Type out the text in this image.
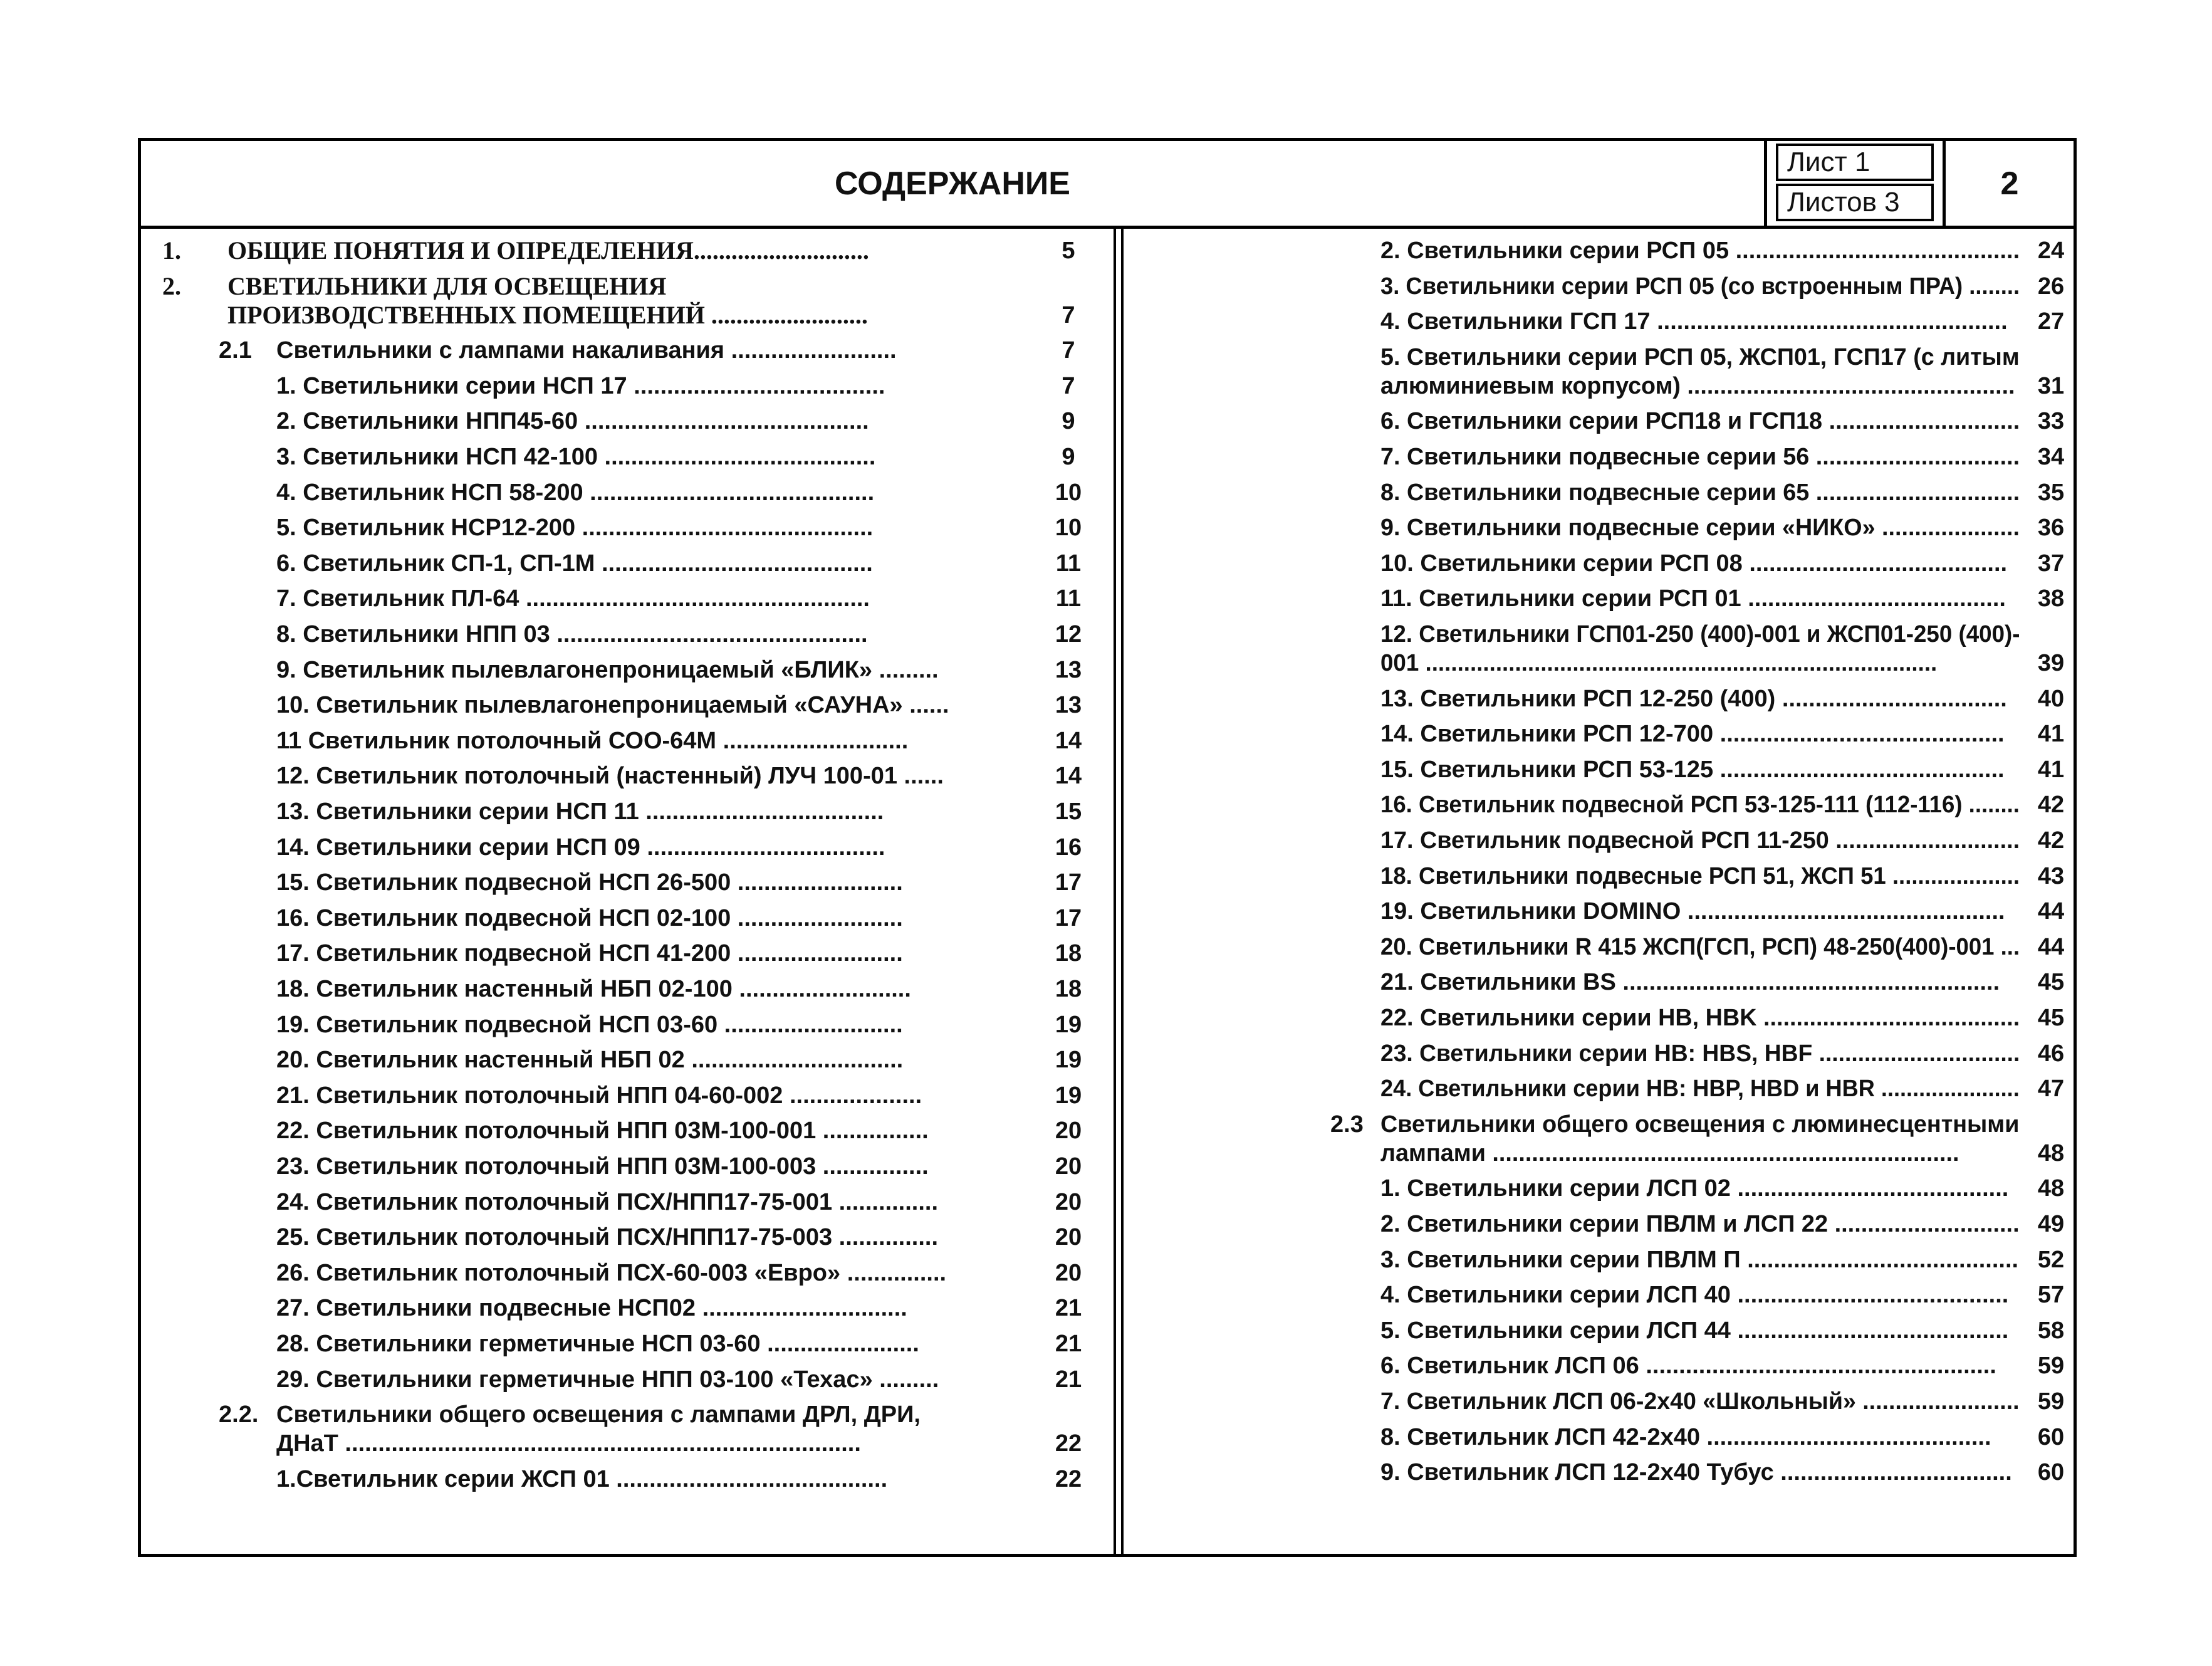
СОДЕРЖАНИЕ
Лист 1
Листов 3
2
1. ОБЩИЕ ПОНЯТИЯ И ОПРЕДЕЛЕНИЯ............................	5
2. СВЕТИЛЬНИКИ ДЛЯ ОСВЕЩЕНИЯ
ПРОИЗВОДСТВЕННЫХ ПОМЕЩЕНИЙ .........................	7
2.1 Светильники с лампами накаливания .........................	7
1. Светильники серии НСП 17 ......................................	7
2. Светильники НПП45-60 ...........................................	9
3. Светильники НСП 42-100 .........................................	9
4. Светильник НСП 58-200 ...........................................	10
5. Светильник НСР12-200 ............................................	10
6. Светильник СП-1, СП-1М .........................................	11
7. Светильник ПЛ-64 ....................................................	11
8. Светильники НПП 03 ...............................................	12
9. Светильник пылевлагонепроницаемый «БЛИК» .........	13
10. Светильник пылевлагонепроницаемый «САУНА» ......	13
11 Светильник потолочный СОО-64М ............................	14
12. Светильник потолочный (настенный) ЛУЧ 100-01 ......	14
13. Светильники серии НСП 11 ....................................	15
14. Светильники серии НСП 09 ....................................	16
15. Светильник подвесной НСП 26-500 .........................	17
16. Светильник подвесной НСП 02-100 .........................	17
17. Светильник подвесной НСП 41-200 .........................	18
18. Светильник настенный НБП 02-100 ..........................	18
19. Светильник подвесной НСП 03-60 ...........................	19
20. Светильник настенный НБП 02 ................................	19
21. Светильник потолочный НПП 04-60-002 ....................	19
22. Светильник потолочный НПП 03М-100-001 ................	20
23. Светильник потолочный НПП 03М-100-003 ................	20
24. Светильник потолочный ПСХ/НПП17-75-001 ...............	20
25. Светильник потолочный ПСХ/НПП17-75-003 ...............	20
26. Светильник потолочный ПСХ-60-003 «Евро» ...............	20
27. Светильники подвесные НСП02 ...............................	21
28. Светильники герметичные НСП 03-60 .......................	21
29. Светильники герметичные НПП 03-100 «Техас» .........	21
2.2. Светильники общего освещения с лампами ДРЛ, ДРИ,
ДНаТ ..............................................................................	22
1.Светильник серии ЖСП 01 .........................................	22
2. Светильники серии РСП 05 ........................................... 24
3. Светильники серии РСП 05 (со встроенным ПРА) ........ 26
4. Светильники ГСП 17 .....................................................	27
5. Светильники серии РСП 05, ЖСП01, ГСП17 (с литым
алюминиевым корпусом) .................................................. 31
6. Светильники серии РСП18 и ГСП18 ............................. 33
7. Светильники подвесные серии 56 ............................... 34
8. Светильники подвесные серии 65 ............................... 35
9. Светильники подвесные серии «НИКО» ..................... 36
10. Светильники серии РСП 08 .......................................	37
11. Светильники серии РСП 01 .......................................	38
12. Светильники ГСП01-250 (400)-001 и ЖСП01-250 (400)-
001 ................................................................................	39
13. Светильники РСП 12-250 (400) ..................................	40
14. Светильники РСП 12-700 ...........................................	41
15. Светильники РСП 53-125 ...........................................	41
16. Светильник подвесной РСП 53-125-111 (112-116) ........ 42
17. Светильник подвесной РСП 11-250 ............................ 42
18. Светильники подвесные РСП 51, ЖСП 51 .................... 43
19. Светильники DOMINO ................................................	44
20. Светильники R 415 ЖСП(ГСП, РСП) 48-250(400)-001 ... 44
21. Светильники BS .........................................................	45
22. Светильники серии HB, HBK ....................................... 45
23. Светильники серии HB: HBS, HBF ............................... 46
24. Светильники серии HB: HBP, HBD и HBR ...................... 47
2.3 Светильники общего освещения с люминесцентными
лампами .......................................................................	48
1. Светильники серии ЛСП 02 .........................................	48
2. Светильники серии ПВЛМ и ЛСП 22 ............................ 49
3. Светильники серии ПВЛМ П ......................................... 52
4. Светильники серии ЛСП 40 .........................................	57
5. Светильники серии ЛСП 44 .........................................	58
6. Светильник ЛСП 06 .....................................................	59
7. Светильник ЛСП 06-2х40 «Школьный» ........................ 59
8. Светильник ЛСП 42-2х40 ...........................................	60
9. Светильник ЛСП 12-2х40 Тубус ...................................	60
